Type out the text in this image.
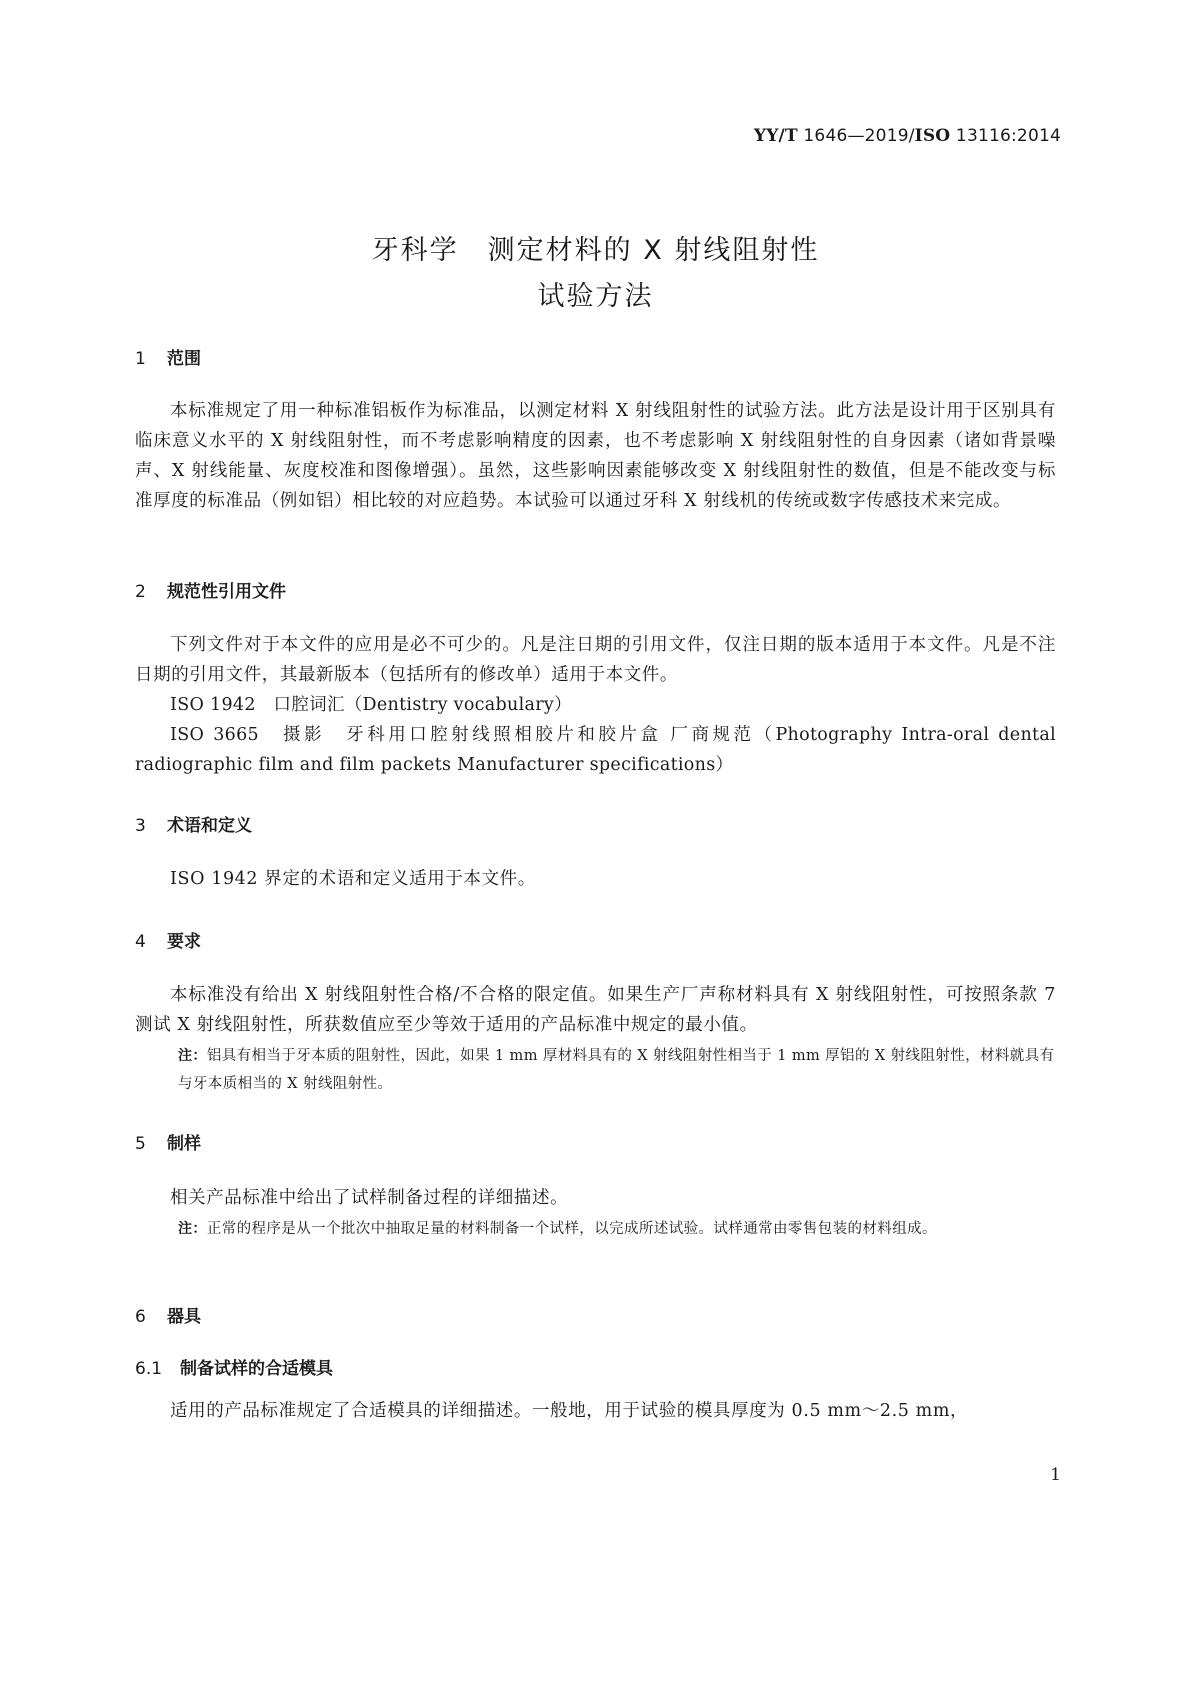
YY/T 1646—2019/ISO 13116:2014
牙科学　测定材料的 X 射线阻射性
试验方法
1 范围
本标准规定了用一种标准铝板作为标准品，以测定材料 X 射线阻射性的试验方法。此方法是设计用于区别具有临床意义水平的 X 射线阻射性，而不考虑影响精度的因素，也不考虑影响 X 射线阻射性的自身因素（诸如背景噪声、X 射线能量、灰度校准和图像增强）。虽然，这些影响因素能够改变 X 射线阻射性的数值，但是不能改变与标准厚度的标准品（例如铝）相比较的对应趋势。本试验可以通过牙科 X 射线机的传统或数字传感技术来完成。
2 规范性引用文件
下列文件对于本文件的应用是必不可少的。凡是注日期的引用文件，仅注日期的版本适用于本文件。凡是不注日期的引用文件，其最新版本（包括所有的修改单）适用于本文件。
ISO 1942　口腔词汇（Dentistry vocabulary）
ISO 3665　摄影　牙科用口腔射线照相胶片和胶片盒 厂商规范（Photography Intra-oral dental radiographic film and film packets Manufacturer specifications）
3 术语和定义
ISO 1942 界定的术语和定义适用于本文件。
4 要求
本标准没有给出 X 射线阻射性合格/不合格的限定值。如果生产厂声称材料具有 X 射线阻射性，可按照条款 7 测试 X 射线阻射性，所获数值应至少等效于适用的产品标准中规定的最小值。
注：铝具有相当于牙本质的阻射性，因此，如果 1 mm 厚材料具有的 X 射线阻射性相当于 1 mm 厚铝的 X 射线阻射性，材料就具有与牙本质相当的 X 射线阻射性。
5 制样
相关产品标准中给出了试样制备过程的详细描述。
注：正常的程序是从一个批次中抽取足量的材料制备一个试样，以完成所述试验。试样通常由零售包装的材料组成。
6 器具
6.1 制备试样的合适模具
适用的产品标准规定了合适模具的详细描述。一般地，用于试验的模具厚度为 0.5 mm～2.5 mm，
1
